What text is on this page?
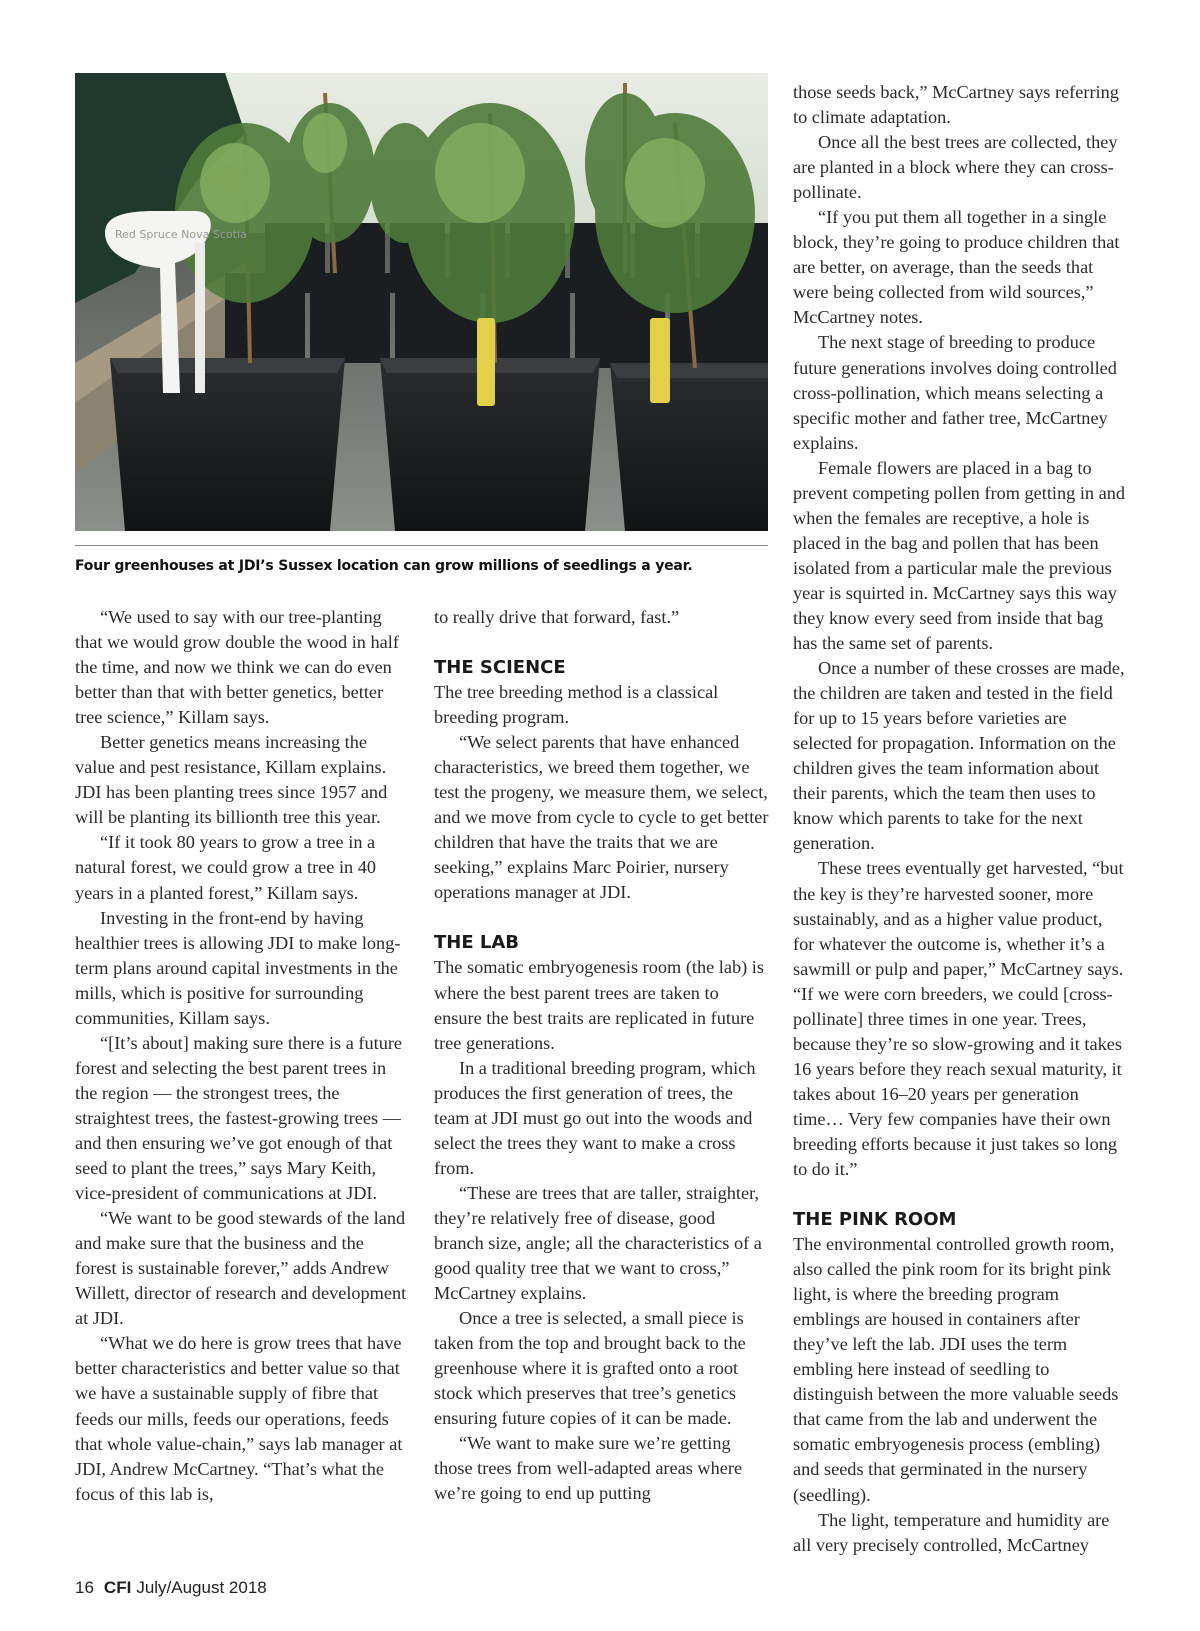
Red Spruce Nova Scotia
Four greenhouses at JDI’s Sussex location can grow millions of seedlings a year.

“We used to say with our tree-planting that we would grow double the wood in half the time, and now we think we can do even better than that with better genetics, better tree science,” Killam says.

Better genetics means increasing the value and pest resistance, Killam explains. JDI has been planting trees since 1957 and will be planting its billionth tree this year.

“If it took 80 years to grow a tree in a natural forest, we could grow a tree in 40 years in a planted forest,” Killam says.

Investing in the front-end by having healthier trees is allowing JDI to make long-term plans around capital investments in the mills, which is positive for surrounding communities, Killam says.

“[It’s about] making sure there is a future forest and selecting the best parent trees in the region — the strongest trees, the straightest trees, the fastest-growing trees — and then ensuring we’ve got enough of that seed to plant the trees,” says Mary Keith, vice-president of communications at JDI.

“We want to be good stewards of the land and make sure that the business and the forest is sustainable forever,” adds Andrew Willett, director of research and development at JDI.

“What we do here is grow trees that have better characteristics and better value so that we have a sustainable supply of fibre that feeds our mills, feeds our operations, feeds that whole value-chain,” says lab manager at JDI, Andrew McCartney. “That’s what the focus of this lab is,

to really drive that forward, fast.”

THE SCIENCE

The tree breeding method is a classical breeding program.

“We select parents that have enhanced characteristics, we breed them together, we test the progeny, we measure them, we select, and we move from cycle to cycle to get better children that have the traits that we are seeking,” explains Marc Poirier, nursery operations manager at JDI.

THE LAB

The somatic embryogenesis room (the lab) is where the best parent trees are taken to ensure the best traits are replicated in future tree generations.

In a traditional breeding program, which produces the first generation of trees, the team at JDI must go out into the woods and select the trees they want to make a cross from.

“These are trees that are taller, straighter, they’re relatively free of disease, good branch size, angle; all the characteristics of a good quality tree that we want to cross,” McCartney explains.

Once a tree is selected, a small piece is taken from the top and brought back to the greenhouse where it is grafted onto a root stock which preserves that tree’s genetics ensuring future copies of it can be made.

“We want to make sure we’re getting those trees from well-adapted areas where we’re going to end up putting

those seeds back,” McCartney says referring to climate adaptation.

Once all the best trees are collected, they are planted in a block where they can cross-pollinate.

“If you put them all together in a single block, they’re going to produce children that are better, on average, than the seeds that were being collected from wild sources,” McCartney notes.

The next stage of breeding to produce future generations involves doing controlled cross-pollination, which means selecting a specific mother and father tree, McCartney explains.

Female flowers are placed in a bag to prevent competing pollen from getting in and when the females are receptive, a hole is placed in the bag and pollen that has been isolated from a particular male the previous year is squirted in. McCartney says this way they know every seed from inside that bag has the same set of parents.

Once a number of these crosses are made, the children are taken and tested in the field for up to 15 years before varieties are selected for propagation. Information on the children gives the team information about their parents, which the team then uses to know which parents to take for the next generation.

These trees eventually get harvested, “but the key is they’re harvested sooner, more sustainably, and as a higher value product, for whatever the outcome is, whether it’s a sawmill or pulp and paper,” McCartney says. “If we were corn breeders, we could [cross-pollinate] three times in one year. Trees, because they’re so slow-growing and it takes 16 years before they reach sexual maturity, it takes about 16–20 years per generation time… Very few companies have their own breeding efforts because it just takes so long to do it.”

THE PINK ROOM

The environmental controlled growth room, also called the pink room for its bright pink light, is where the breeding program emblings are housed in containers after they’ve left the lab. JDI uses the term embling here instead of seedling to distinguish between the more valuable seeds that came from the lab and underwent the somatic embryogenesis process (embling) and seeds that germinated in the nursery (seedling).

The light, temperature and humidity are all very precisely controlled, McCartney

16 CFI July/August 2018
